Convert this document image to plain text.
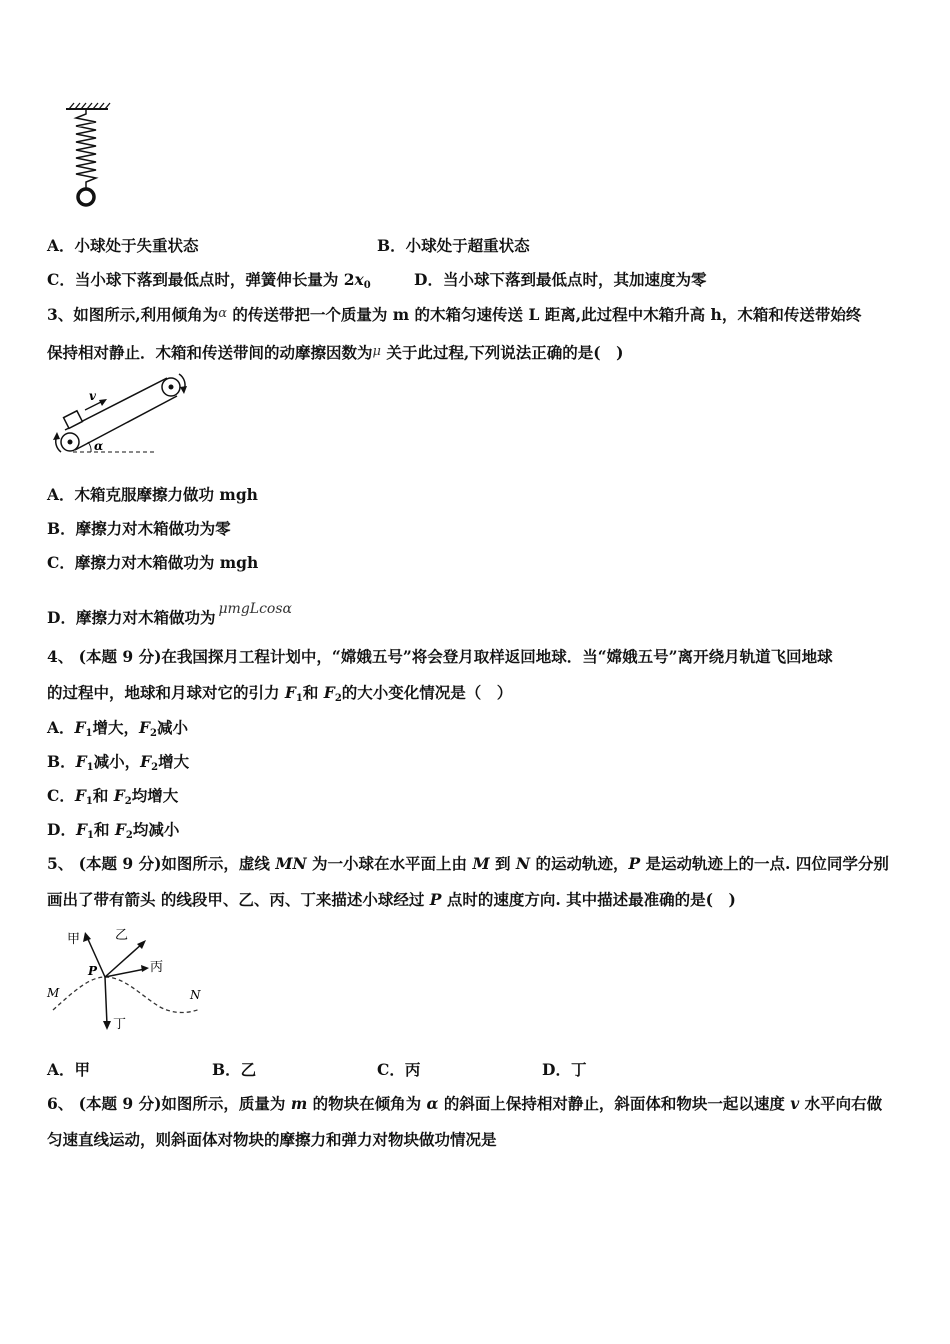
A．小球处于失重状态	B．小球处于超重状态
C．当小球下落到最低点时，弹簧伸长量为 $2x_0$	D．当小球下落到最低点时，其加速度为零
3、如图所示,利用倾角为α 的传送带把一个质量为 m 的木箱匀速传送 L 距离,此过程中木箱升高 h，木箱和传送带始终
保持相对静止．木箱和传送带间的动摩擦因数为μ 关于此过程,下列说法正确的是(　)
v
α
A．木箱克服摩擦力做功 mgh
B．摩擦力对木箱做功为零
C．摩擦力对木箱做功为 mgh
D．摩擦力对木箱做功为 μmgLcosα
4、 (本题 9 分)在我国探月工程计划中，“嫦娥五号”将会登月取样返回地球．当“嫦娥五号”离开绕月轨道飞回地球
的过程中，地球和月球对它的引力 $F_1$和 $F_2$的大小变化情况是（　）
A．$F_1$增大，$F_2$减小
B．$F_1$减小，$F_2$增大
C．$F_1$和 $F_2$均增大
D．$F_1$和 $F_2$均减小
5、 (本题 9 分)如图所示，虚线 MN 为一小球在水平面上由 M 到 N 的运动轨迹，P 是运动轨迹上的一点. 四位同学分别
画出了带有箭头 的线段甲、乙、丙、丁来描述小球经过 P 点时的速度方向. 其中描述最准确的是(　)
甲	乙
丙
丁
P
M	N
A．甲	B．乙	C．丙	D．丁
6、 (本题 9 分)如图所示，质量为 m 的物块在倾角为 α 的斜面上保持相对静止，斜面体和物块一起以速度 v 水平向右做
匀速直线运动，则斜面体对物块的摩擦力和弹力对物块做功情况是
